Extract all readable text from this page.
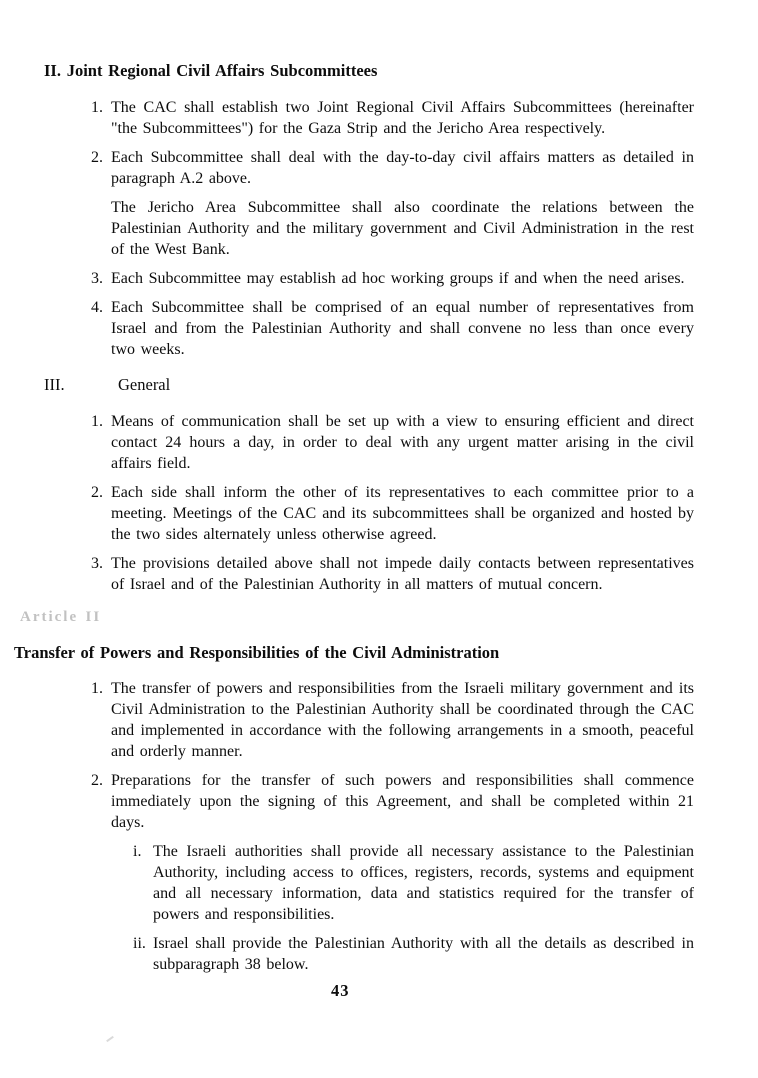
II. Joint Regional Civil Affairs Subcommittees
1. The CAC shall establish two Joint Regional Civil Affairs Subcommittees (hereinafter "the Subcommittees") for the Gaza Strip and the Jericho Area respectively.
2. Each Subcommittee shall deal with the day-to-day civil affairs matters as detailed in paragraph A.2 above.
The Jericho Area Subcommittee shall also coordinate the relations between the Palestinian Authority and the military government and Civil Administration in the rest of the West Bank.
3. Each Subcommittee may establish ad hoc working groups if and when the need arises.
4. Each Subcommittee shall be comprised of an equal number of representatives from Israel and from the Palestinian Authority and shall convene no less than once every two weeks.
III.	General
1. Means of communication shall be set up with a view to ensuring efficient and direct contact 24 hours a day, in order to deal with any urgent matter arising in the civil affairs field.
2. Each side shall inform the other of its representatives to each committee prior to a meeting. Meetings of the CAC and its subcommittees shall be organized and hosted by the two sides alternately unless otherwise agreed.
3. The provisions detailed above shall not impede daily contacts between representatives of Israel and of the Palestinian Authority in all matters of mutual concern.
Article II
Transfer of Powers and Responsibilities of the Civil Administration
1. The transfer of powers and responsibilities from the Israeli military government and its Civil Administration to the Palestinian Authority shall be coordinated through the CAC and implemented in accordance with the following arrangements in a smooth, peaceful and orderly manner.
2. Preparations for the transfer of such powers and responsibilities shall commence immediately upon the signing of this Agreement, and shall be completed within 21 days.
i. The Israeli authorities shall provide all necessary assistance to the Palestinian Authority, including access to offices, registers, records, systems and equipment and all necessary information, data and statistics required for the transfer of powers and responsibilities.
ii. Israel shall provide the Palestinian Authority with all the details as described in subparagraph 38 below.
43
